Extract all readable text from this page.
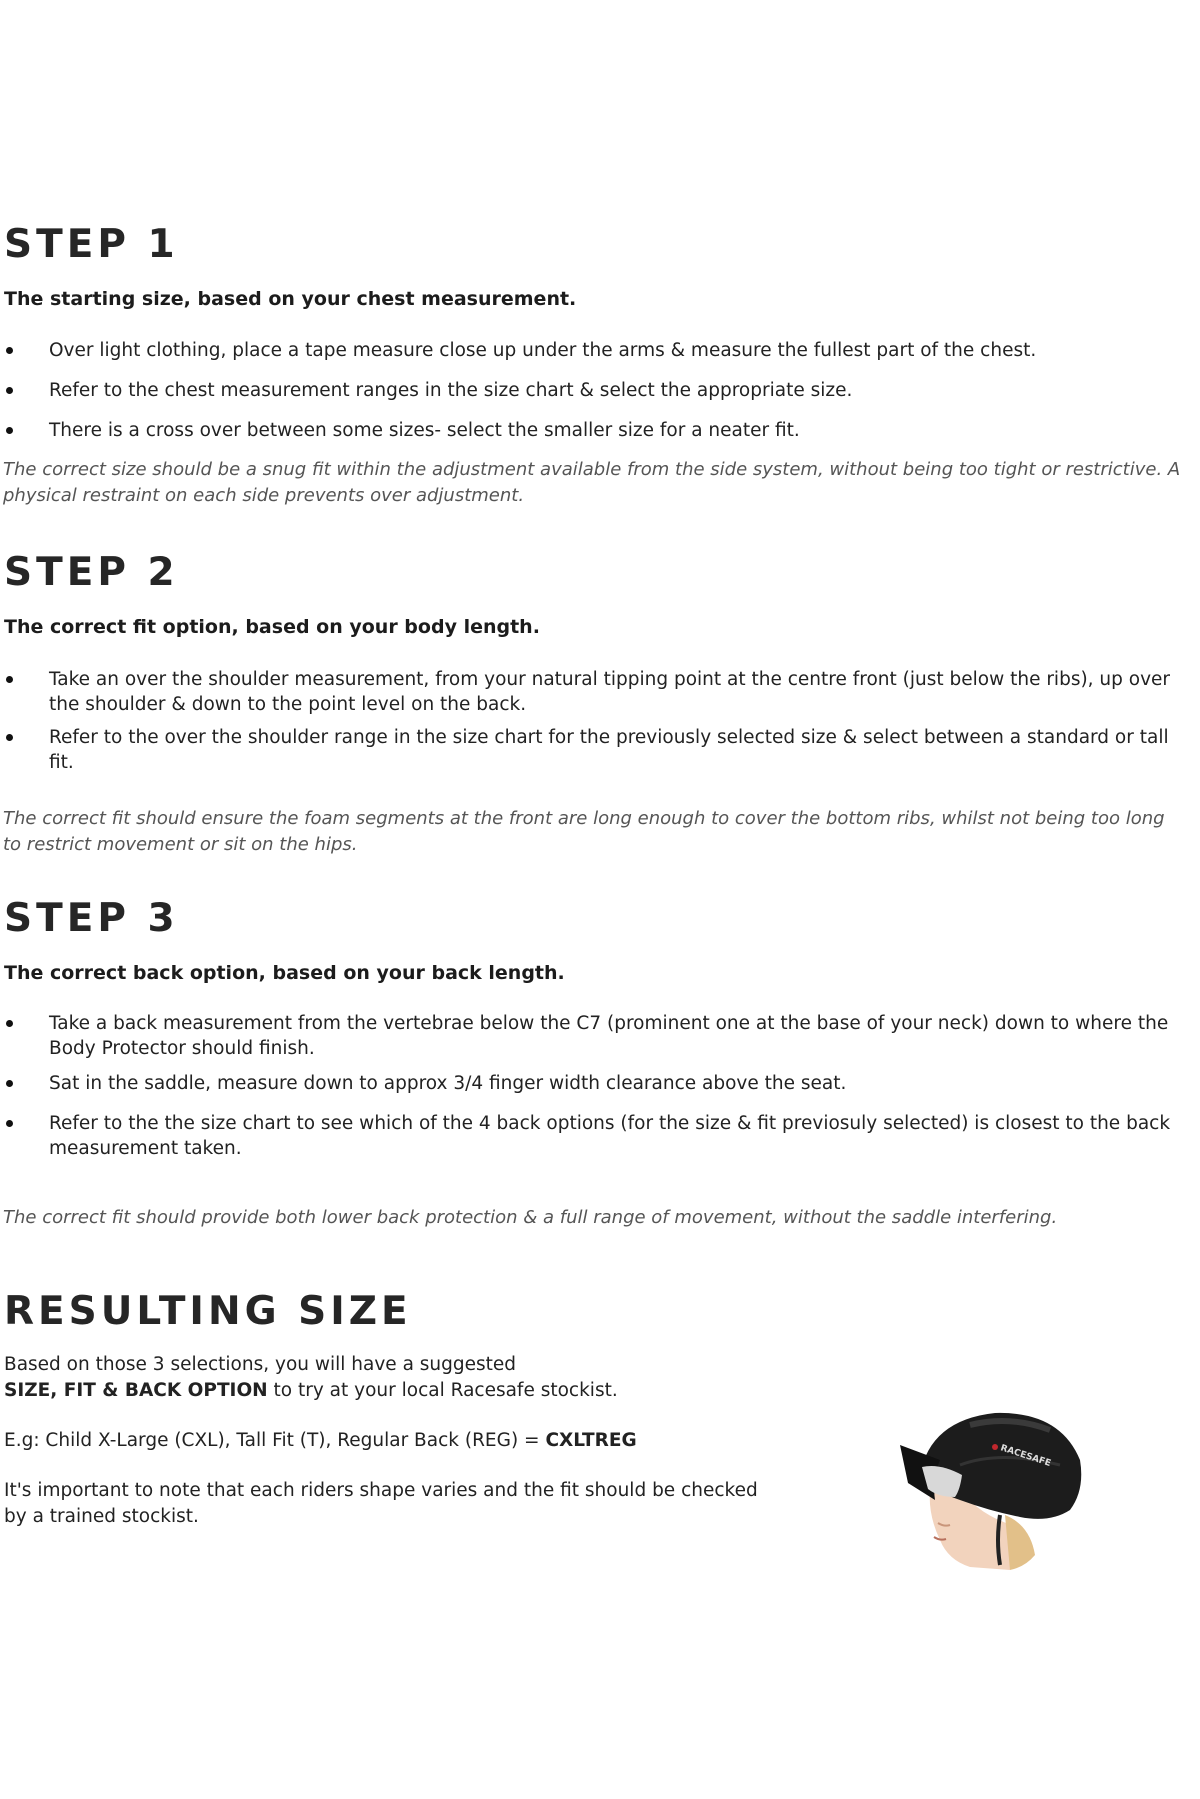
STEP 1

The starting size, based on your chest measurement.

Over light clothing, place a tape measure close up under the arms & measure the fullest part of the chest.
Refer to the chest measurement ranges in the size chart & select the appropriate size.
There is a cross over between some sizes- select the smaller size for a neater fit.

The correct size should be a snug fit within the adjustment available from the side system, without being too tight or restrictive. A physical restraint on each side prevents over adjustment.

STEP 2

The correct fit option, based on your body length.

Take an over the shoulder measurement, from your natural tipping point at the centre front (just below the ribs), up over the shoulder & down to the point level on the back.
Refer to the over the shoulder range in the size chart for the previously selected size & select between a standard or tall fit.

The correct fit should ensure the foam segments at the front are long enough to cover the bottom ribs, whilst not being too long to restrict movement or sit on the hips.

STEP 3

The correct back option, based on your back length.

Take a back measurement from the vertebrae below the C7 (prominent one at the base of your neck) down to where the Body Protector should finish.
Sat in the saddle, measure down to approx 3/4 finger width clearance above the seat.
Refer to the the size chart to see which of the 4 back options (for the size & fit previosuly selected) is closest to the back measurement taken.

The correct fit should provide both lower back protection & a full range of movement, without the saddle interfering.

RESULTING SIZE

Based on those 3 selections, you will have a suggested
SIZE, FIT & BACK OPTION to try at your local Racesafe stockist.

E.g: Child X-Large (CXL), Tall Fit (T), Regular Back (REG) = CXLTREG

It's important to note that each riders shape varies and the fit should be checked by a trained stockist.

RACESAFE
